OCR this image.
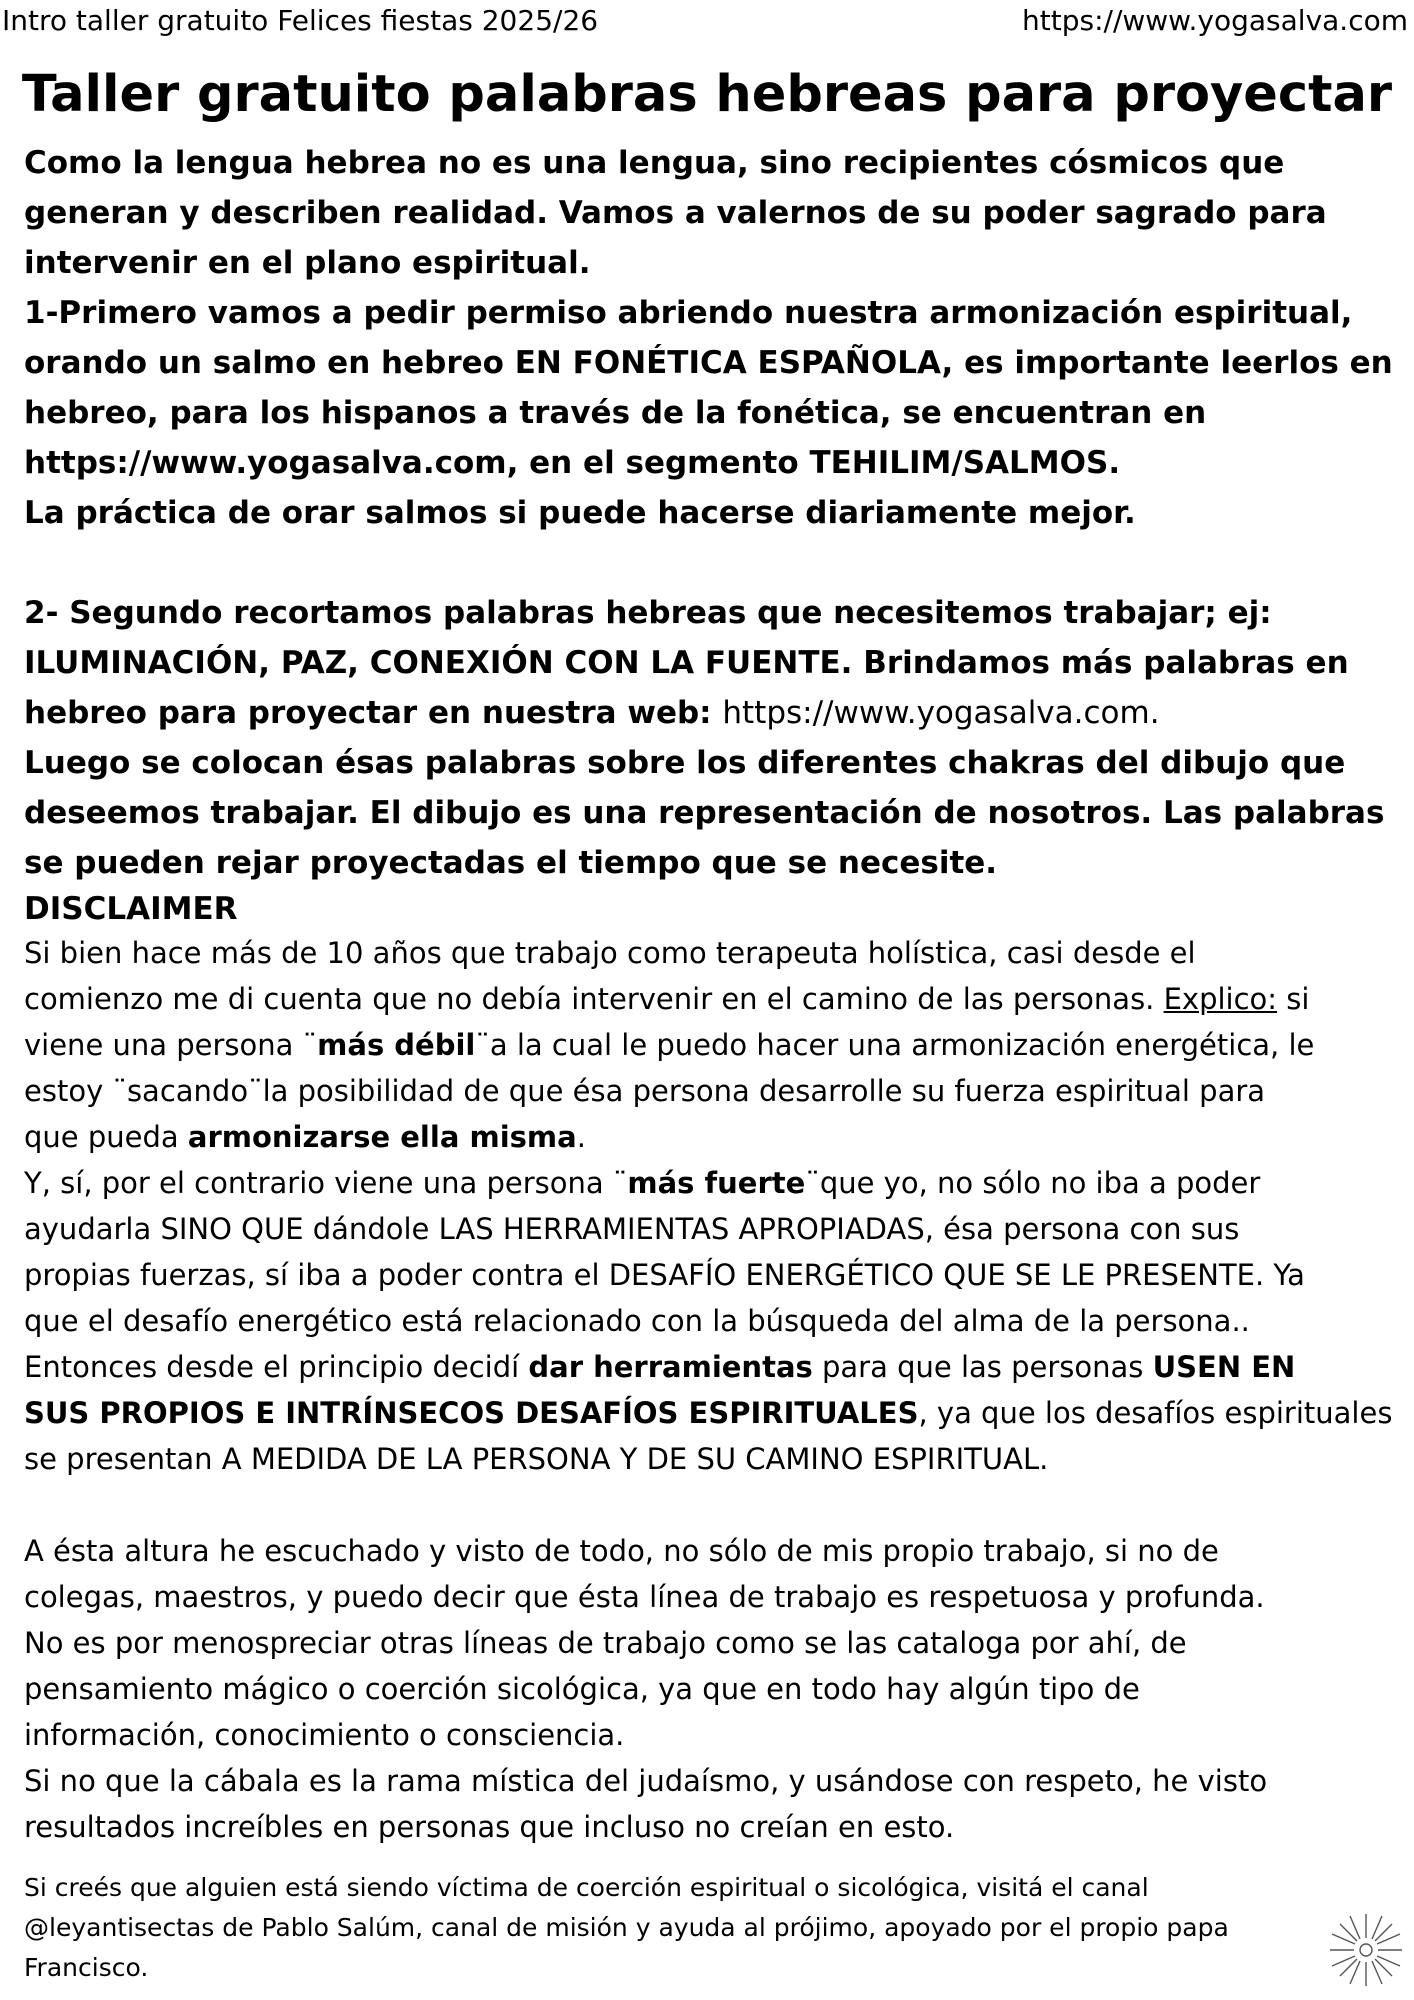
Intro taller gratuito Felices fiestas 2025/26	https://www.yogasalva.com
Taller gratuito palabras hebreas para proyectar
Como la lengua hebrea no es una lengua, sino recipientes cósmicos que
generan y describen realidad. Vamos a valernos de su poder sagrado para
intervenir en el plano espiritual.
1-Primero vamos a pedir permiso abriendo nuestra armonización espiritual,
orando un salmo en hebreo EN FONÉTICA ESPAÑOLA, es importante leerlos en
hebreo, para los hispanos a través de la fonética, se encuentran en
https://www.yogasalva.com, en el segmento TEHILIM/SALMOS.
La práctica de orar salmos si puede hacerse diariamente mejor.
2- Segundo recortamos palabras hebreas que necesitemos trabajar; ej:
ILUMINACIÓN, PAZ, CONEXIÓN CON LA FUENTE. Brindamos más palabras en
hebreo para proyectar en nuestra web: https://www.yogasalva.com.
Luego se colocan ésas palabras sobre los diferentes chakras del dibujo que
deseemos trabajar. El dibujo es una representación de nosotros. Las palabras
se pueden rejar proyectadas el tiempo que se necesite.
DISCLAIMER
Si bien hace más de 10 años que trabajo como terapeuta holística, casi desde el
comienzo me di cuenta que no debía intervenir en el camino de las personas. Explico: si
viene una persona ¨más débil¨a la cual le puedo hacer una armonización energética, le
estoy ¨sacando¨la posibilidad de que ésa persona desarrolle su fuerza espiritual para
que pueda armonizarse ella misma.
Y, sí, por el contrario viene una persona ¨más fuerte¨que yo, no sólo no iba a poder
ayudarla SINO QUE dándole LAS HERRAMIENTAS APROPIADAS, ésa persona con sus
propias fuerzas, sí iba a poder contra el DESAFÍO ENERGÉTICO QUE SE LE PRESENTE. Ya
que el desafío energético está relacionado con la búsqueda del alma de la persona..
Entonces desde el principio decidí dar herramientas para que las personas USEN EN
SUS PROPIOS E INTRÍNSECOS DESAFÍOS ESPIRITUALES, ya que los desafíos espirituales
se presentan A MEDIDA DE LA PERSONA Y DE SU CAMINO ESPIRITUAL.
A ésta altura he escuchado y visto de todo, no sólo de mis propio trabajo, si no de
colegas, maestros, y puedo decir que ésta línea de trabajo es respetuosa y profunda.
No es por menospreciar otras líneas de trabajo como se las cataloga por ahí, de
pensamiento mágico o coerción sicológica, ya que en todo hay algún tipo de
información, conocimiento o consciencia.
Si no que la cábala es la rama mística del judaísmo, y usándose con respeto, he visto
resultados increíbles en personas que incluso no creían en esto.
Si creés que alguien está siendo víctima de coerción espiritual o sicológica, visitá el canal
@leyantisectas de Pablo Salúm, canal de misión y ayuda al prójimo, apoyado por el propio papa
Francisco.
